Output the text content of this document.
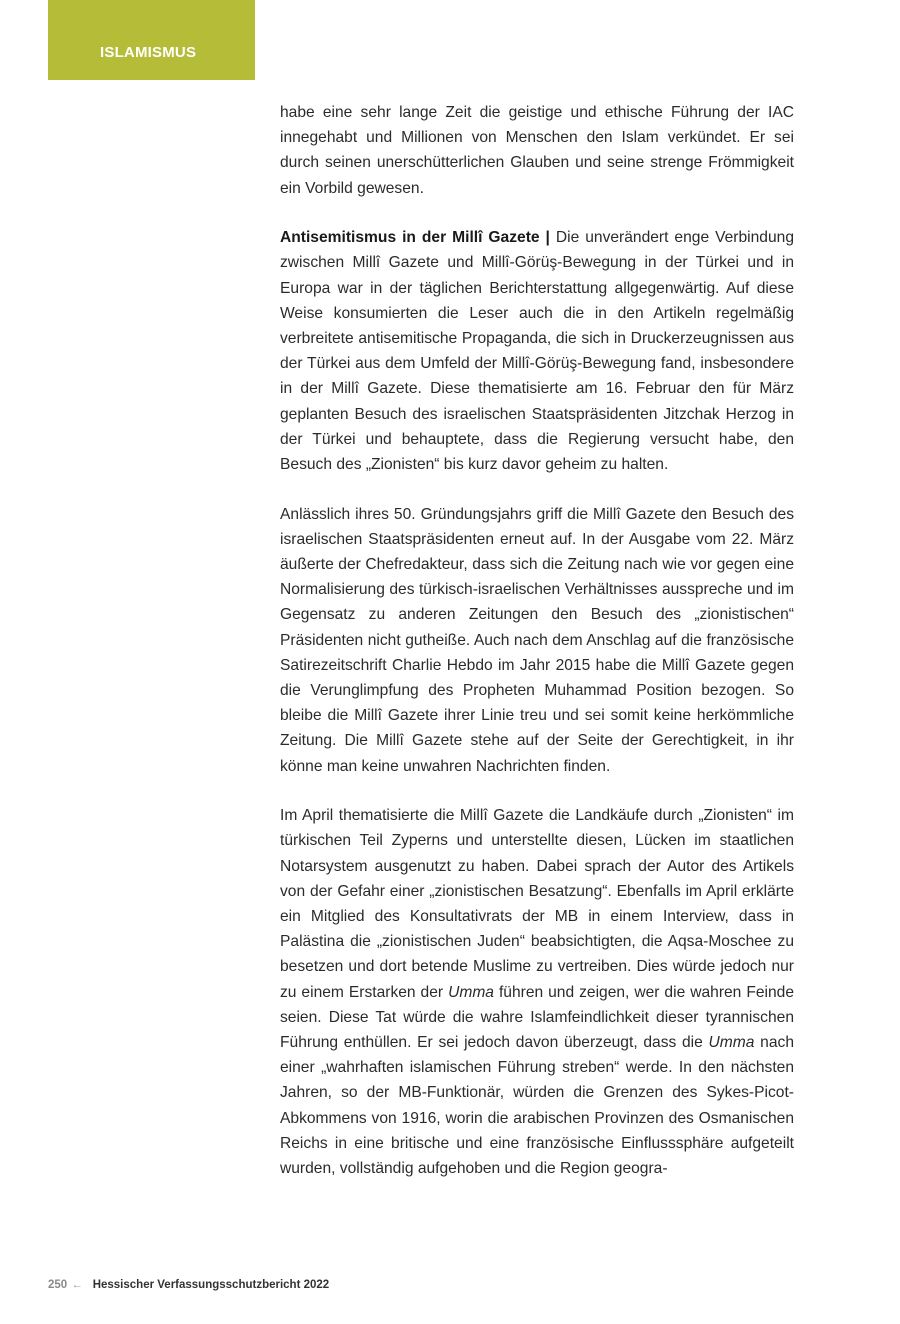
ISLAMISMUS

habe eine sehr lange Zeit die geistige und ethische Führung der IAC innegehabt und Millionen von Menschen den Islam verkündet. Er sei durch seinen unerschütterlichen Glauben und seine strenge Frömmigkeit ein Vorbild gewesen.

Antisemitismus in der Millî Gazete | Die unverändert enge Verbindung zwischen Millî Gazete und Millî-Görüş-Bewegung in der Türkei und in Europa war in der täglichen Berichterstattung allgegenwärtig. Auf diese Weise konsumierten die Leser auch die in den Artikeln regelmäßig verbreitete antisemitische Propaganda, die sich in Druckerzeugnissen aus der Türkei aus dem Umfeld der Millî-Görüş-Bewegung fand, insbesondere in der Millî Gazete. Diese thematisierte am 16. Februar den für März geplanten Besuch des israelischen Staatspräsidenten Jitzchak Herzog in der Türkei und behauptete, dass die Regierung versucht habe, den Besuch des „Zionisten“ bis kurz davor geheim zu halten.

Anlässlich ihres 50. Gründungsjahrs griff die Millî Gazete den Besuch des israelischen Staatspräsidenten erneut auf. In der Ausgabe vom 22. März äußerte der Chefredakteur, dass sich die Zeitung nach wie vor gegen eine Normalisierung des türkisch-israelischen Verhältnisses ausspreche und im Gegensatz zu anderen Zeitungen den Besuch des „zionistischen“ Präsidenten nicht gutheiße. Auch nach dem Anschlag auf die französische Satirezeitschrift Charlie Hebdo im Jahr 2015 habe die Millî Gazete gegen die Verunglimpfung des Propheten Muhammad Position bezogen. So bleibe die Millî Gazete ihrer Linie treu und sei somit keine herkömmliche Zeitung. Die Millî Gazete stehe auf der Seite der Gerechtigkeit, in ihr könne man keine unwahren Nachrichten finden.

Im April thematisierte die Millî Gazete die Landkäufe durch „Zionisten“ im türkischen Teil Zyperns und unterstellte diesen, Lücken im staatlichen Notarsystem ausgenutzt zu haben. Dabei sprach der Autor des Artikels von der Gefahr einer „zionistischen Besatzung“. Ebenfalls im April erklärte ein Mitglied des Konsultativrats der MB in einem Interview, dass in Palästina die „zionistischen Juden“ beabsichtigten, die Aqsa-Moschee zu besetzen und dort betende Muslime zu vertreiben. Dies würde jedoch nur zu einem Erstarken der Umma führen und zeigen, wer die wahren Feinde seien. Diese Tat würde die wahre Islamfeindlichkeit dieser tyrannischen Führung enthüllen. Er sei jedoch davon überzeugt, dass die Umma nach einer „wahrhaften islamischen Führung streben“ werde. In den nächsten Jahren, so der MB-Funktionär, würden die Grenzen des Sykes-Picot-Abkommens von 1916, worin die arabischen Provinzen des Osmanischen Reichs in eine britische und eine französische Einflusssphäre aufgeteilt wurden, vollständig aufgehoben und die Region geogra-

250 ← Hessischer Verfassungsschutzbericht 2022
